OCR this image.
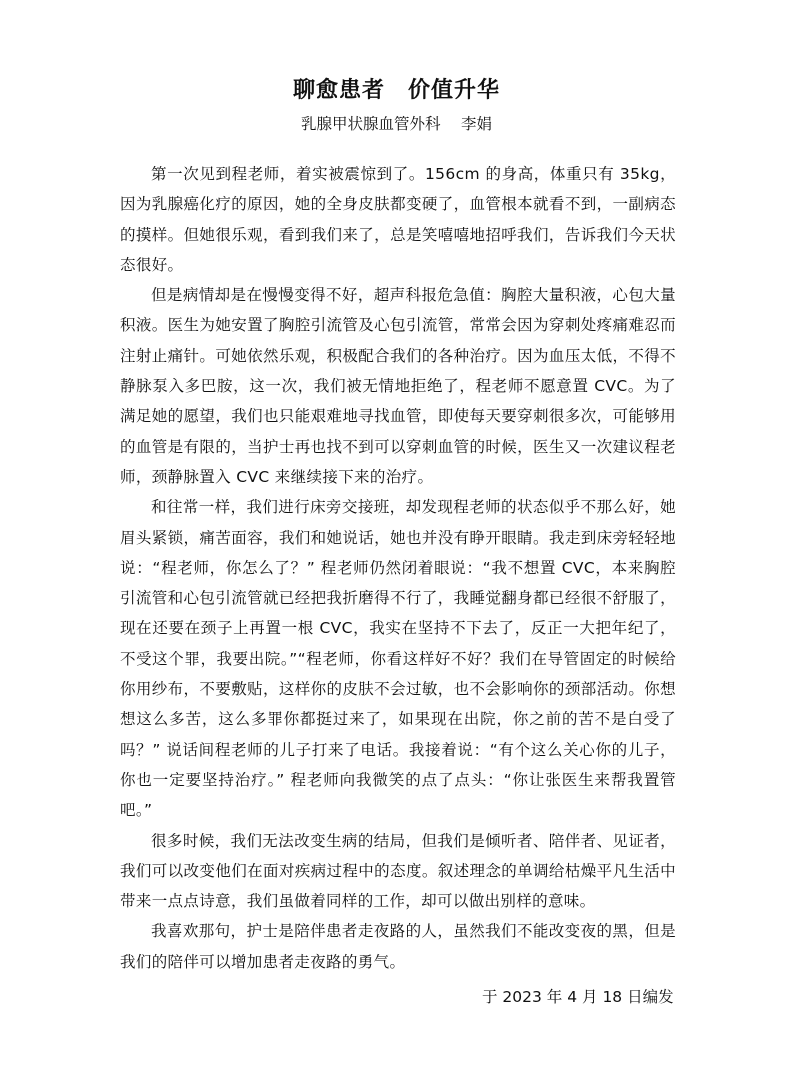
聊愈患者　价值升华
乳腺甲状腺血管外科　 李娟

第一次见到程老师，着实被震惊到了。156cm 的身高，体重只有 35kg，因为乳腺癌化疗的原因，她的全身皮肤都变硬了，血管根本就看不到，一副病态的摸样。但她很乐观，看到我们来了，总是笑嘻嘻地招呼我们，告诉我们今天状态很好。

但是病情却是在慢慢变得不好，超声科报危急值：胸腔大量积液，心包大量积液。医生为她安置了胸腔引流管及心包引流管，常常会因为穿刺处疼痛难忍而注射止痛针。可她依然乐观，积极配合我们的各种治疗。因为血压太低，不得不静脉泵入多巴胺，这一次，我们被无情地拒绝了，程老师不愿意置 CVC。为了满足她的愿望，我们也只能艰难地寻找血管，即使每天要穿刺很多次，可能够用的血管是有限的，当护士再也找不到可以穿刺血管的时候，医生又一次建议程老师，颈静脉置入 CVC 来继续接下来的治疗。

和往常一样，我们进行床旁交接班，却发现程老师的状态似乎不那么好，她眉头紧锁，痛苦面容，我们和她说话，她也并没有睁开眼睛。我走到床旁轻轻地说：“程老师，你怎么了？” 程老师仍然闭着眼说：“我不想置 CVC，本来胸腔引流管和心包引流管就已经把我折磨得不行了，我睡觉翻身都已经很不舒服了，现在还要在颈子上再置一根 CVC，我实在坚持不下去了，反正一大把年纪了，不受这个罪，我要出院。”“程老师，你看这样好不好？我们在导管固定的时候给你用纱布，不要敷贴，这样你的皮肤不会过敏，也不会影响你的颈部活动。你想想这么多苦，这么多罪你都挺过来了，如果现在出院，你之前的苦不是白受了吗？” 说话间程老师的儿子打来了电话。我接着说：“有个这么关心你的儿子，你也一定要坚持治疗。” 程老师向我微笑的点了点头：“你让张医生来帮我置管吧。”

很多时候，我们无法改变生病的结局，但我们是倾听者、陪伴者、见证者，我们可以改变他们在面对疾病过程中的态度。叙述理念的单调给枯燥平凡生活中带来一点点诗意，我们虽做着同样的工作，却可以做出别样的意味。

我喜欢那句，护士是陪伴患者走夜路的人，虽然我们不能改变夜的黑，但是我们的陪伴可以增加患者走夜路的勇气。

于 2023 年 4 月 18 日编发
